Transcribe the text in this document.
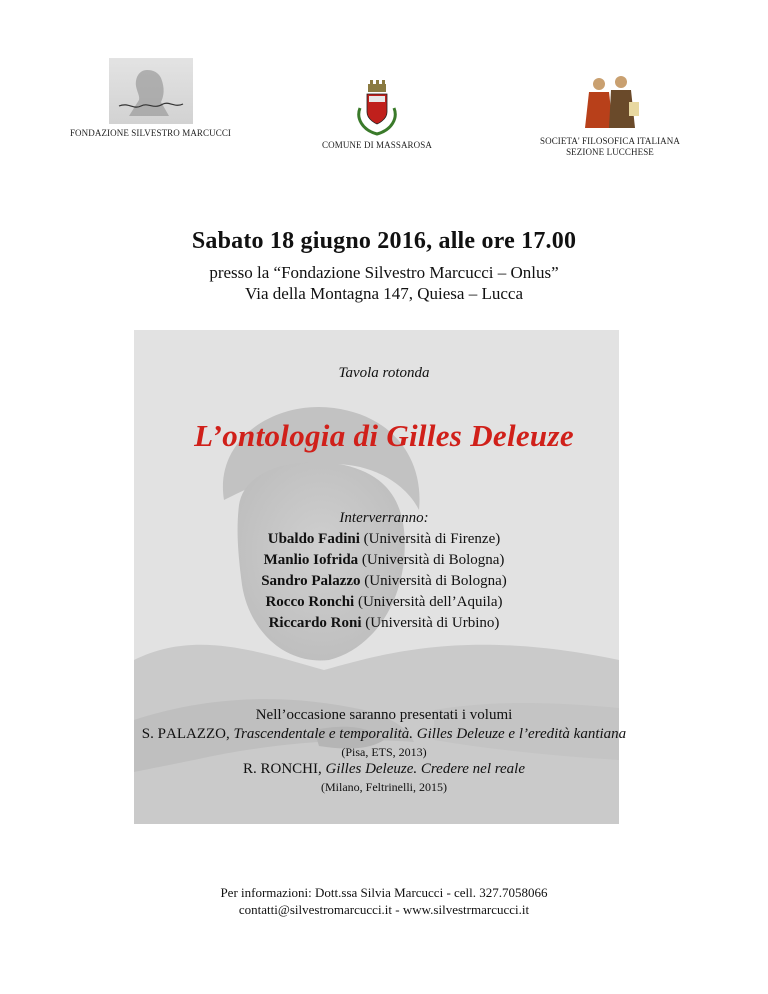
FONDAZIONE SILVESTRO MARCUCCI
COMUNE DI MASSAROSA	SOCIETA' FILOSOFICA ITALIANA
SEZIONE LUCCHESE
Sabato 18 giugno 2016, alle ore 17.00
presso la “Fondazione Silvestro Marcucci – Onlus”
Via della Montagna 147, Quiesa – Lucca
Tavola rotonda
L’ontologia di Gilles Deleuze
Interverranno:
Ubaldo Fadini (Università di Firenze)
Manlio Iofrida (Università di Bologna)
Sandro Palazzo (Università di Bologna)
Rocco Ronchi (Università dell’Aquila)
Riccardo Roni (Università di Urbino)
Nell’occasione saranno presentati i volumi
S. PALAZZO, Trascendentale e temporalità. Gilles Deleuze e l’eredità kantiana
(Pisa, ETS, 2013)
R. RONCHI, Gilles Deleuze. Credere nel reale
(Milano, Feltrinelli, 2015)
Per informazioni: Dott.ssa Silvia Marcucci - cell. 327.7058066
contatti@silvestromarcucci.it - www.silvestrmarcucci.it
